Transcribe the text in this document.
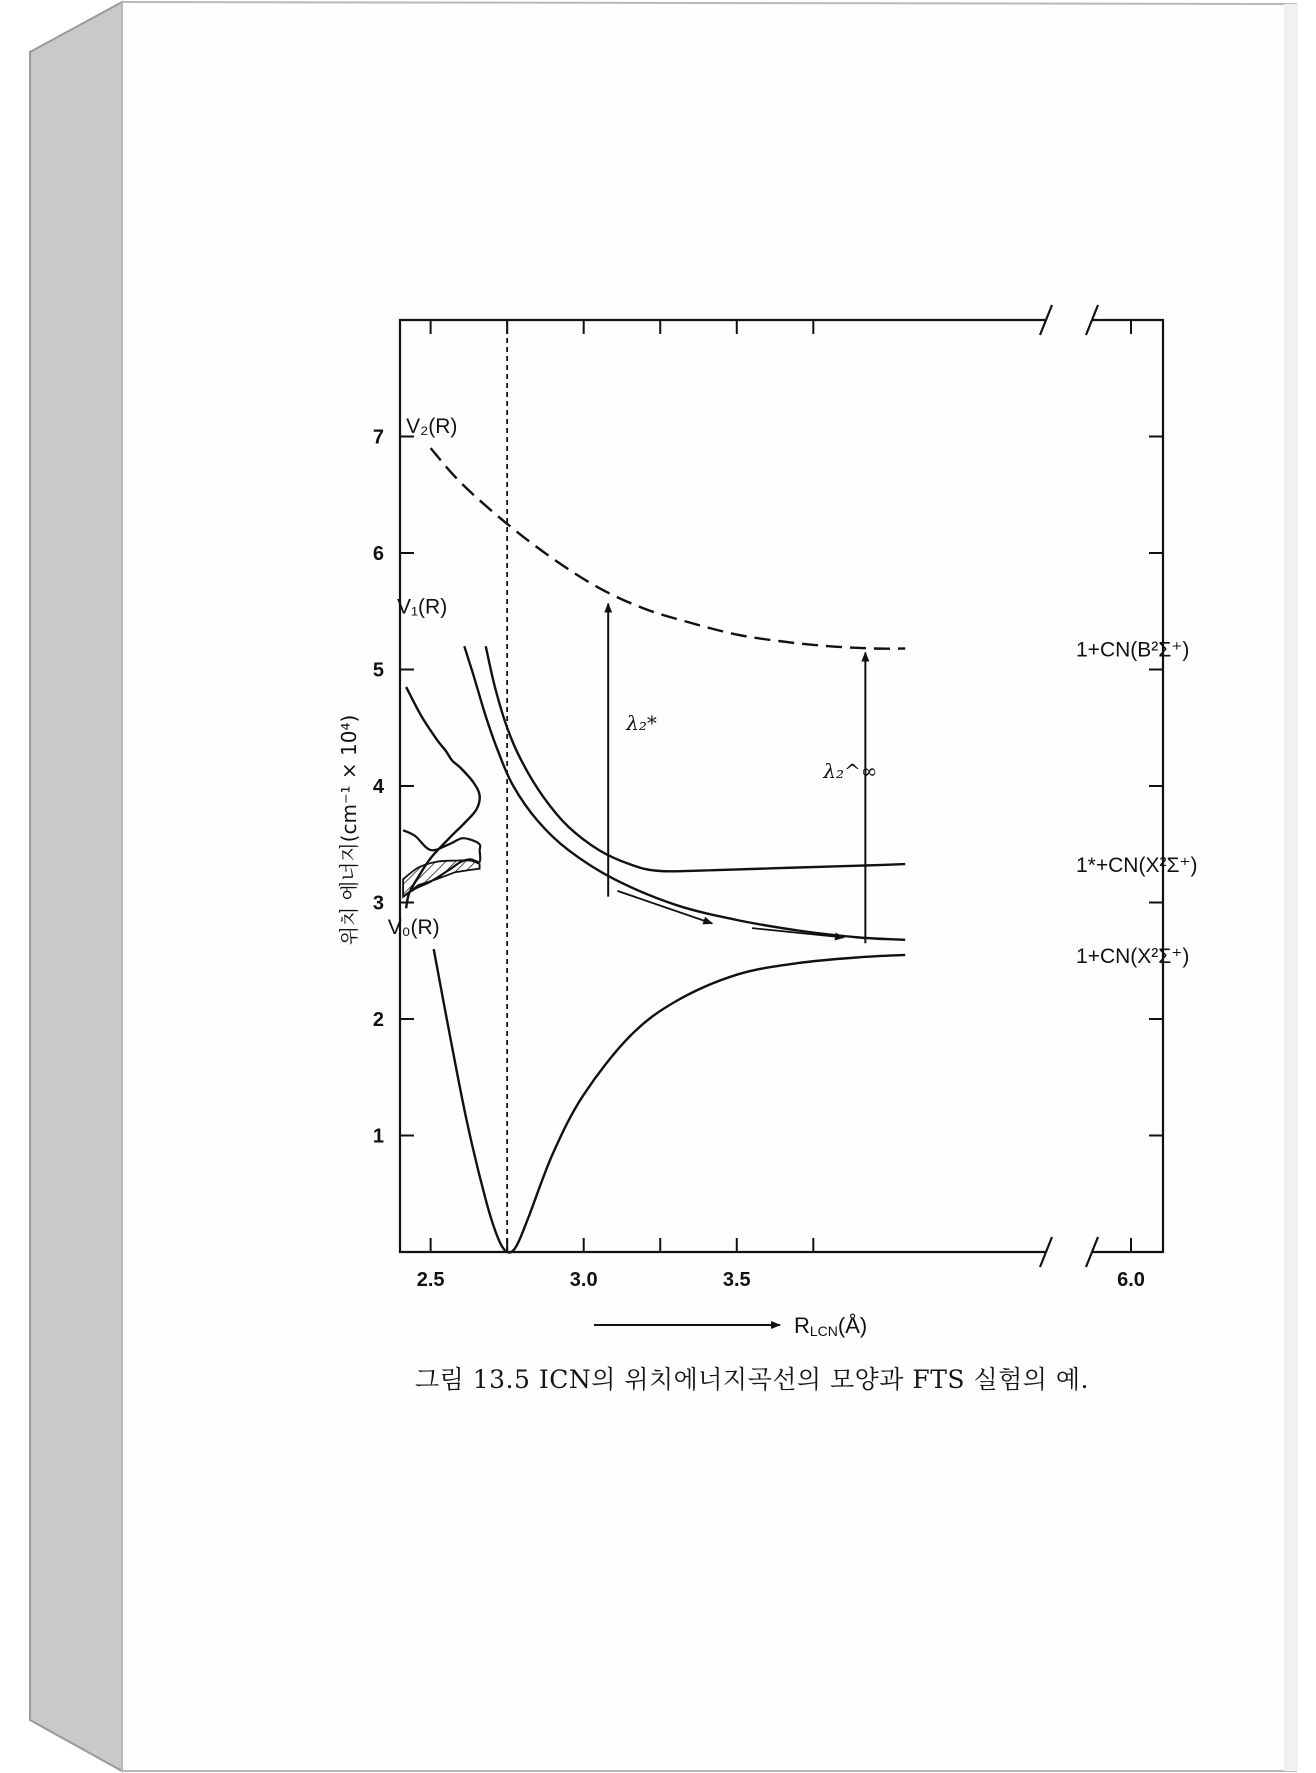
2.5	3.0	3.5	6.0
1
2
3
4
5
6
7
λ₂*
λ₂^∞
V₂(R)
V₁(R)
V₀(R)
1+CN(B²Σ⁺)
1*+CN(X²Σ⁺)
1+CN(X²Σ⁺)
위치 에너지(cm⁻¹ × 10⁴)
RLCN(Å)
그림 13.5 ICN의 위치에너지곡선의 모양과 FTS 실험의 예.
